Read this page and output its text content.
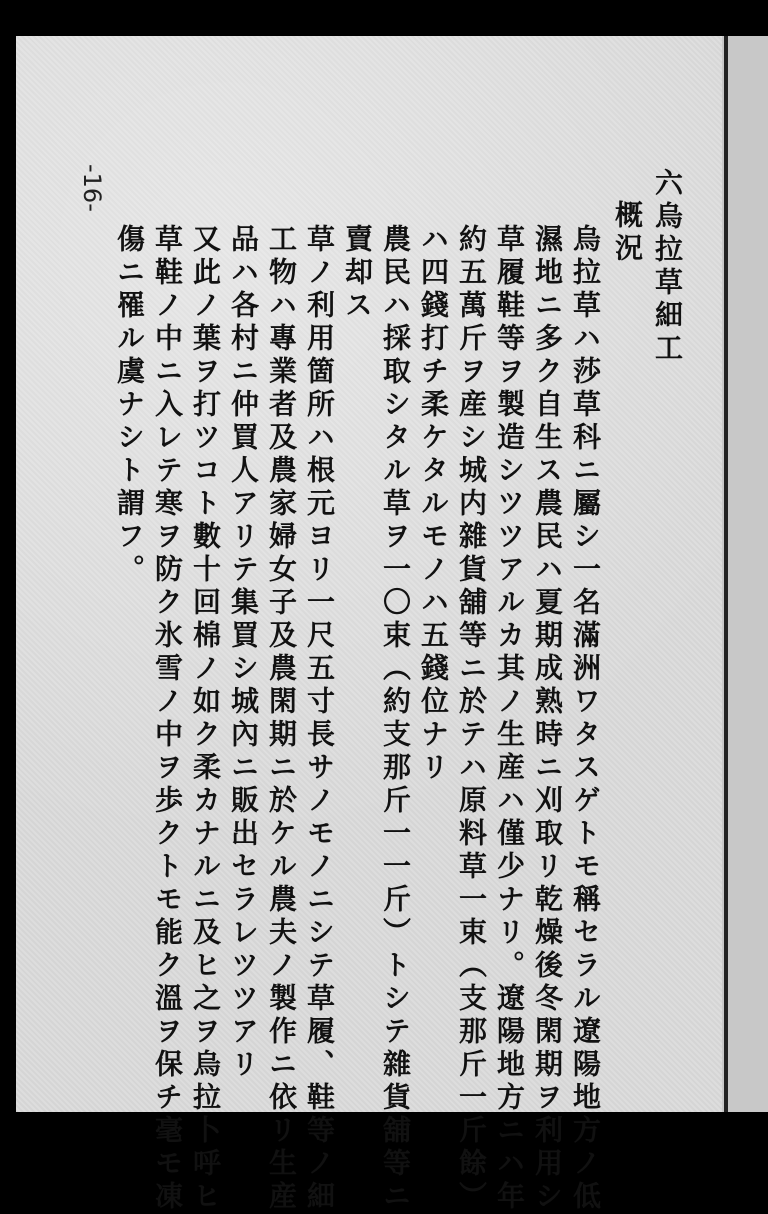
六烏拉草細工
概況
烏拉草ハ莎草科ニ屬シ一名滿洲ワタスゲトモ稱セラル遼陽地方ノ低
濕地ニ多ク自生ス農民ハ夏期成熟時ニ刈取リ乾燥後冬閑期ヲ利用シ
草履鞋等ヲ製造シツツアルカ其ノ生産ハ僅少ナリ。遼陽地方ニハ年
約五萬斤ヲ産シ城内雜貨舖等ニ於テハ原料草一束（支那斤一斤餘）
ハ四錢打チ柔ケタルモノハ五錢位ナリ
農民ハ採取シタル草ヲ一〇束（約支那斤一一斤）トシテ雜貨舖等ニ
賣却ス
草ノ利用箇所ハ根元ヨリ一尺五寸長サノモノニシテ草履、鞋等ノ細
工物ハ專業者及農家婦女子及農閑期ニ於ケル農夫ノ製作ニ依リ生産
品ハ各村ニ仲買人アリテ集買シ城內ニ販出セラレツツアリ
又此ノ葉ヲ打ツコト數十回棉ノ如ク柔カナルニ及ヒ之ヲ烏拉卜呼ヒ
草鞋ノ中ニ入レテ寒ヲ防ク氷雪ノ中ヲ歩クトモ能ク溫ヲ保チ毫モ凍
傷ニ罹ル虞ナシト謂フ。
-16-
